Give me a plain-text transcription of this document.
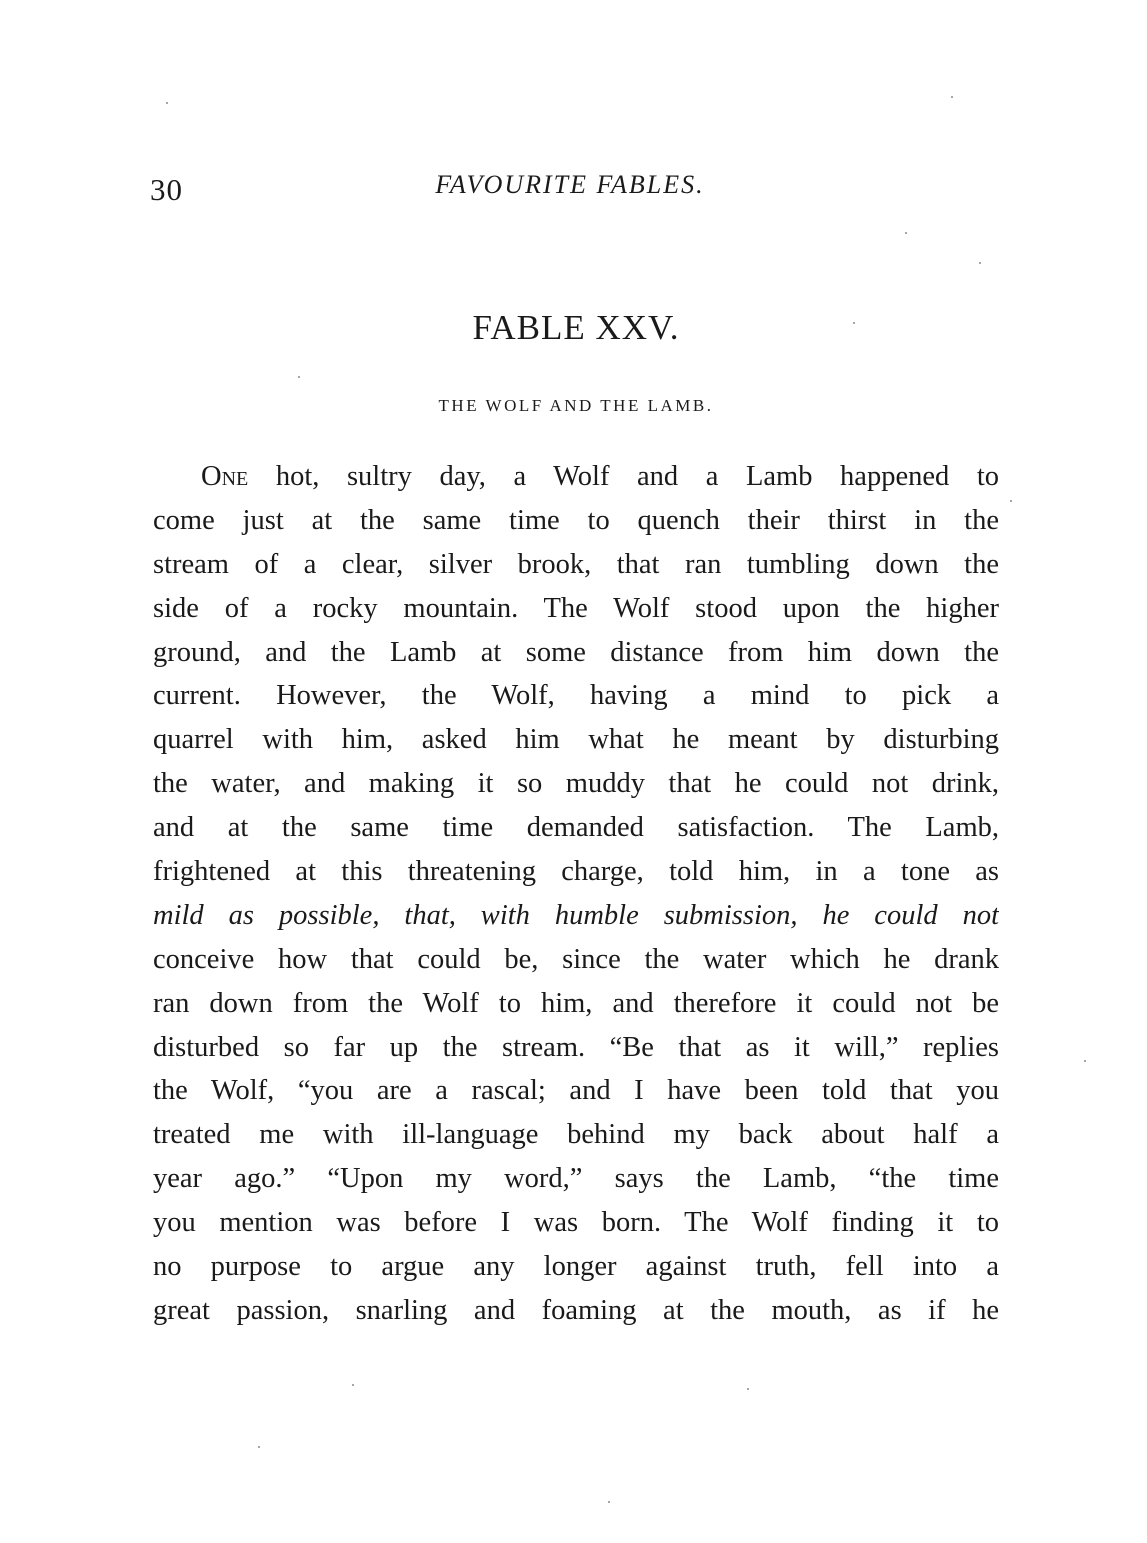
30	FAVOURITE FABLES.
FABLE XXV.
THE WOLF AND THE LAMB.
One hot, sultry day, a Wolf and a Lamb happened to
come just at the same time to quench their thirst in the
stream of a clear, silver brook, that ran tumbling down the
side of a rocky mountain. The Wolf stood upon the higher
ground, and the Lamb at some distance from him down the
current. However, the Wolf, having a mind to pick a
quarrel with him, asked him what he meant by disturbing
the water, and making it so muddy that he could not drink,
and at the same time demanded satisfaction. The Lamb,
frightened at this threatening charge, told him, in a tone as
mild as possible, that, with humble submission, he could not
conceive how that could be, since the water which he drank
ran down from the Wolf to him, and therefore it could not be
disturbed so far up the stream. “Be that as it will,” replies
the Wolf, “you are a rascal; and I have been told that you
treated me with ill-language behind my back about half a
year ago.” “Upon my word,” says the Lamb, “the time
you mention was before I was born. The Wolf finding it to
no purpose to argue any longer against truth, fell into a
great passion, snarling and foaming at the mouth, as if he
